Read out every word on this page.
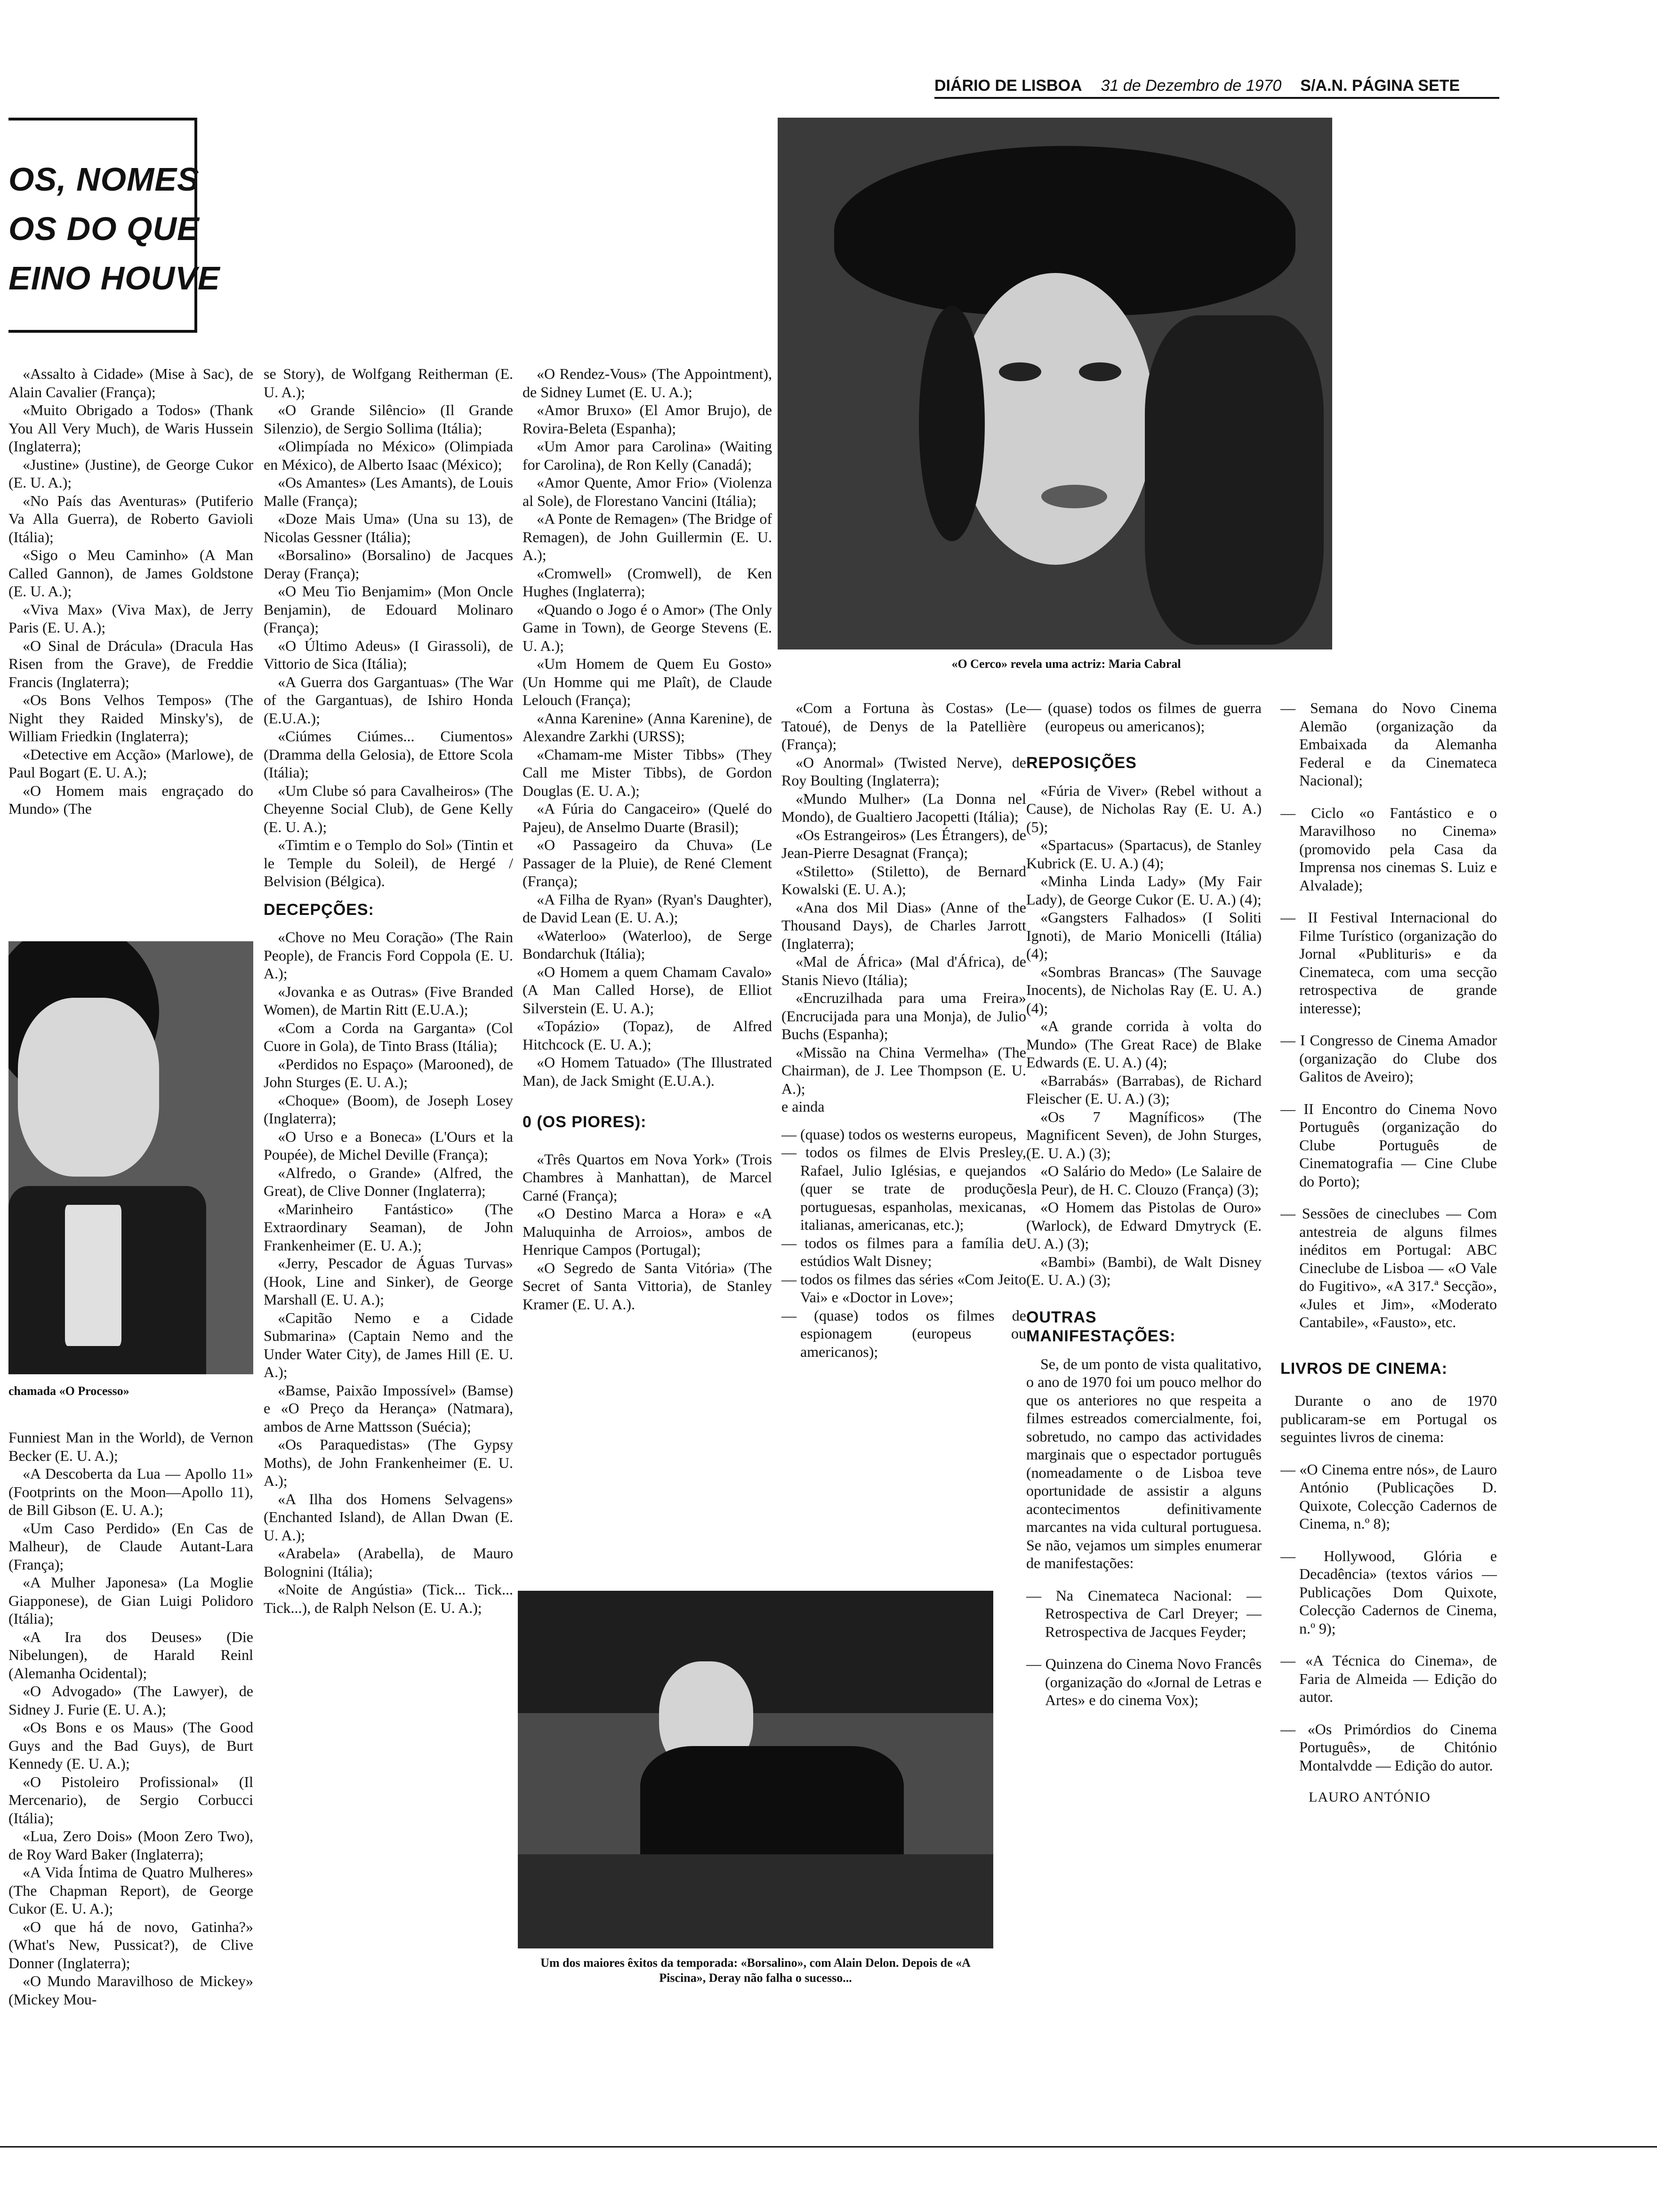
DIÁRIO DE LISBOA 31 de Dezembro de 1970 S/A.N. PÁGINA SETE
OS, NOMES
OS DO QUE
EINO HOUVE
«O Cerco» revela uma actriz: Maria Cabral
chamada «O Processo»
Um dos maiores êxitos da temporada: «Borsalino», com Alain Delon. Depois de «A Piscina», Deray não falha o sucesso...

«Assalto à Cidade» (Mise à Sac), de Alain Cavalier (França);

«Muito Obrigado a Todos» (Thank You All Very Much), de Waris Hussein (Inglaterra);

«Justine» (Justine), de George Cukor (E. U. A.);

«No País das Aventuras» (Putiferio Va Alla Guerra), de Roberto Gavioli (Itália);

«Sigo o Meu Caminho» (A Man Called Gannon), de James Goldstone (E. U. A.);

«Viva Max» (Viva Max), de Jerry Paris (E. U. A.);

«O Sinal de Drácula» (Dracula Has Risen from the Grave), de Freddie Francis (Inglaterra);

«Os Bons Velhos Tempos» (The Night they Raided Minsky's), de William Friedkin (Inglaterra);

«Detective em Acção» (Marlowe), de Paul Bogart (E. U. A.);

«O Homem mais engraçado do Mundo» (The

Funniest Man in the World), de Vernon Becker (E. U. A.);

«A Descoberta da Lua — Apollo 11» (Footprints on the Moon—Apollo 11), de Bill Gibson (E. U. A.);

«Um Caso Perdido» (En Cas de Malheur), de Claude Autant-Lara (França);

«A Mulher Japonesa» (La Moglie Giapponese), de Gian Luigi Polidoro (Itália);

«A Ira dos Deuses» (Die Nibelungen), de Harald Reinl (Alemanha Ocidental);

«O Advogado» (The Lawyer), de Sidney J. Furie (E. U. A.);

«Os Bons e os Maus» (The Good Guys and the Bad Guys), de Burt Kennedy (E. U. A.);

«O Pistoleiro Profissional» (Il Mercenario), de Sergio Corbucci (Itália);

«Lua, Zero Dois» (Moon Zero Two), de Roy Ward Baker (Inglaterra);

«A Vida Íntima de Quatro Mulheres» (The Chapman Report), de George Cukor (E. U. A.);

«O que há de novo, Gatinha?» (What's New, Pussicat?), de Clive Donner (Inglaterra);

«O Mundo Maravilhoso de Mickey» (Mickey Mou-

se Story), de Wolfgang Reitherman (E. U. A.);

«O Grande Silêncio» (Il Grande Silenzio), de Sergio Sollima (Itália);

«Olimpíada no México» (Olimpiada en México), de Alberto Isaac (México);

«Os Amantes» (Les Amants), de Louis Malle (França);

«Doze Mais Uma» (Una su 13), de Nicolas Gessner (Itália);

«Borsalino» (Borsalino) de Jacques Deray (França);

«O Meu Tio Benjamim» (Mon Oncle Benjamin), de Edouard Molinaro (França);

«O Último Adeus» (I Girassoli), de Vittorio de Sica (Itália);

«A Guerra dos Gargantuas» (The War of the Gargantuas), de Ishiro Honda (E.U.A.);

«Ciúmes Ciúmes... Ciumentos» (Dramma della Gelosia), de Ettore Scola (Itália);

«Um Clube só para Cavalheiros» (The Cheyenne Social Club), de Gene Kelly (E. U. A.);

«Timtim e o Templo do Sol» (Tintin et le Temple du Soleil), de Hergé / Belvision (Bélgica).

DECEPÇÕES:

«Chove no Meu Coração» (The Rain People), de Francis Ford Coppola (E. U. A.);

«Jovanka e as Outras» (Five Branded Women), de Martin Ritt (E.U.A.);

«Com a Corda na Garganta» (Col Cuore in Gola), de Tinto Brass (Itália);

«Perdidos no Espaço» (Marooned), de John Sturges (E. U. A.);

«Choque» (Boom), de Joseph Losey (Inglaterra);

«O Urso e a Boneca» (L'Ours et la Poupée), de Michel Deville (França);

«Alfredo, o Grande» (Alfred, the Great), de Clive Donner (Inglaterra);

«Marinheiro Fantástico» (The Extraordinary Seaman), de John Frankenheimer (E. U. A.);

«Jerry, Pescador de Águas Turvas» (Hook, Line and Sinker), de George Marshall (E. U. A.);

«Capitão Nemo e a Cidade Submarina» (Captain Nemo and the Under Water City), de James Hill (E. U. A.);

«Bamse, Paixão Impossível» (Bamse) e «O Preço da Herança» (Natmara), ambos de Arne Mattsson (Suécia);

«Os Paraquedistas» (The Gypsy Moths), de John Frankenheimer (E. U. A.);

«A Ilha dos Homens Selvagens» (Enchanted Island), de Allan Dwan (E. U. A.);

«Arabela» (Arabella), de Mauro Bolognini (Itália);

«Noite de Angústia» (Tick... Tick... Tick...), de Ralph Nelson (E. U. A.);

«O Rendez-Vous» (The Appointment), de Sidney Lumet (E. U. A.);

«Amor Bruxo» (El Amor Brujo), de Rovira-Beleta (Espanha);

«Um Amor para Carolina» (Waiting for Carolina), de Ron Kelly (Canadá);

«Amor Quente, Amor Frio» (Violenza al Sole), de Florestano Vancini (Itália);

«A Ponte de Remagen» (The Bridge of Remagen), de John Guillermin (E. U. A.);

«Cromwell» (Cromwell), de Ken Hughes (Inglaterra);

«Quando o Jogo é o Amor» (The Only Game in Town), de George Stevens (E. U. A.);

«Um Homem de Quem Eu Gosto» (Un Homme qui me Plaît), de Claude Lelouch (França);

«Anna Karenine» (Anna Karenine), de Alexandre Zarkhi (URSS);

«Chamam-me Mister Tibbs» (They Call me Mister Tibbs), de Gordon Douglas (E. U. A.);

«A Fúria do Cangaceiro» (Quelé do Pajeu), de Anselmo Duarte (Brasil);

«O Passageiro da Chuva» (Le Passager de la Pluie), de René Clement (França);

«A Filha de Ryan» (Ryan's Daughter), de David Lean (E. U. A.);

«Waterloo» (Waterloo), de Serge Bondarchuk (Itália);

«O Homem a quem Chamam Cavalo» (A Man Called Horse), de Elliot Silverstein (E. U. A.);

«Topázio» (Topaz), de Alfred Hitchcock (E. U. A.);

«O Homem Tatuado» (The Illustrated Man), de Jack Smight (E.U.A.).

0 (OS PIORES):

«Três Quartos em Nova York» (Trois Chambres à Manhattan), de Marcel Carné (França);

«O Destino Marca a Hora» e «A Maluquinha de Arroios», ambos de Henrique Campos (Portugal);

«O Segredo de Santa Vitória» (The Secret of Santa Vittoria), de Stanley Kramer (E. U. A.).

«Com a Fortuna às Costas» (Le Tatoué), de Denys de la Patellière (França);

«O Anormal» (Twisted Nerve), de Roy Boulting (Inglaterra);

«Mundo Mulher» (La Donna nel Mondo), de Gualtiero Jacopetti (Itália);

«Os Estrangeiros» (Les Étrangers), de Jean-Pierre Desagnat (França);

«Stiletto» (Stiletto), de Bernard Kowalski (E. U. A.);

«Ana dos Mil Dias» (Anne of the Thousand Days), de Charles Jarrott (Inglaterra);

«Mal de África» (Mal d'África), de Stanis Nievo (Itália);

«Encruzilhada para uma Freira» (Encrucijada para una Monja), de Julio Buchs (Espanha);

«Missão na China Vermelha» (The Chairman), de J. Lee Thompson (E. U. A.);

e ainda

— (quase) todos os westerns europeus,

— todos os filmes de Elvis Presley, Rafael, Julio Iglésias, e quejandos (quer se trate de produções portuguesas, espanholas, mexicanas, italianas, americanas, etc.);

— todos os filmes para a família de estúdios Walt Disney;

— todos os filmes das séries «Com Jeito Vai» e «Doctor in Love»;

— (quase) todos os filmes de espionagem (europeus ou americanos);

— (quase) todos os filmes de guerra (europeus ou americanos);

REPOSIÇÕES

«Fúria de Viver» (Rebel without a Cause), de Nicholas Ray (E. U. A.) (5);

«Spartacus» (Spartacus), de Stanley Kubrick (E. U. A.) (4);

«Minha Linda Lady» (My Fair Lady), de George Cukor (E. U. A.) (4);

«Gangsters Falhados» (I Soliti Ignoti), de Mario Monicelli (Itália) (4);

«Sombras Brancas» (The Sauvage Inocents), de Nicholas Ray (E. U. A.) (4);

«A grande corrida à volta do Mundo» (The Great Race) de Blake Edwards (E. U. A.) (4);

«Barrabás» (Barrabas), de Richard Fleischer (E. U. A.) (3);

«Os 7 Magníficos» (The Magnificent Seven), de John Sturges, (E. U. A.) (3);

«O Salário do Medo» (Le Salaire de la Peur), de H. C. Clouzo (França) (3);

«O Homem das Pistolas de Ouro» (Warlock), de Edward Dmytryck (E. U. A.) (3);

«Bambi» (Bambi), de Walt Disney (E. U. A.) (3);

OUTRAS MANIFESTAÇÕES:

Se, de um ponto de vista qualitativo, o ano de 1970 foi um pouco melhor do que os anteriores no que respeita a filmes estreados comercialmente, foi, sobretudo, no campo das actividades marginais que o espectador português (nomeadamente o de Lisboa teve oportunidade de assistir a alguns acontecimentos definitivamente marcantes na vida cultural portuguesa. Se não, vejamos um simples enumerar de manifestações:

— Na Cinemateca Nacional: — Retrospectiva de Carl Dreyer; — Retrospectiva de Jacques Feyder;

— Quinzena do Cinema Novo Francês (organização do «Jornal de Letras e Artes» e do cinema Vox);

— Semana do Novo Cinema Alemão (organização da Embaixada da Alemanha Federal e da Cinemateca Nacional);

— Ciclo «o Fantástico e o Maravilhoso no Cinema» (promovido pela Casa da Imprensa nos cinemas S. Luiz e Alvalade);

— II Festival Internacional do Filme Turístico (organização do Jornal «Publituris» e da Cinemateca, com uma secção retrospectiva de grande interesse);

— I Congresso de Cinema Amador (organização do Clube dos Galitos de Aveiro);

— II Encontro do Cinema Novo Português (organização do Clube Português de Cinematografia — Cine Clube do Porto);

— Sessões de cineclubes — Com antestreia de alguns filmes inéditos em Portugal: ABC Cineclube de Lisboa — «O Vale do Fugitivo», «A 317.ª Secção», «Jules et Jim», «Moderato Cantabile», «Fausto», etc.

LIVROS DE CINEMA:

Durante o ano de 1970 publicaram-se em Portugal os seguintes livros de cinema:

— «O Cinema entre nós», de Lauro António (Publicações D. Quixote, Colecção Cadernos de Cinema, n.º 8);

— Hollywood, Glória e Decadência» (textos vários — Publicações Dom Quixote, Colecção Cadernos de Cinema, n.º 9);

— «A Técnica do Cinema», de Faria de Almeida — Edição do autor.

— «Os Primórdios do Cinema Português», de Chitónio Montalvdde — Edição do autor.

LAURO ANTÓNIO
